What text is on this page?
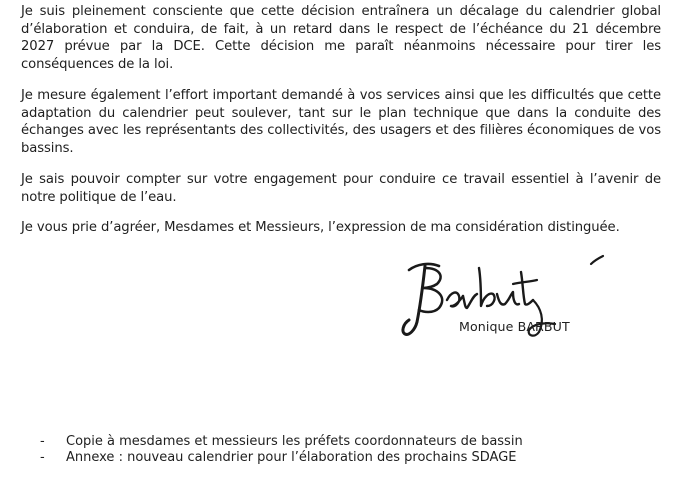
Je suis pleinement consciente que cette décision entraînera un décalage du calendrier global d’élaboration et conduira, de fait, à un retard dans le respect de l’échéance du 21 décembre 2027 prévue par la DCE. Cette décision me paraît néanmoins nécessaire pour tirer les conséquences de la loi.

Je mesure également l’effort important demandé à vos services ainsi que les difficultés que cette adaptation du calendrier peut soulever, tant sur le plan technique que dans la conduite des échanges avec les représentants des collectivités, des usagers et des filières économiques de vos bassins.

Je sais pouvoir compter sur votre engagement pour conduire ce travail essentiel à l’avenir de notre politique de l’eau.

Je vous prie d’agréer, Mesdames et Messieurs, l’expression de ma considération distinguée.

Monique BARBUT

- Copie à mesdames et messieurs les préfets coordonnateurs de bassin
- Annexe : nouveau calendrier pour l’élaboration des prochains SDAGE
